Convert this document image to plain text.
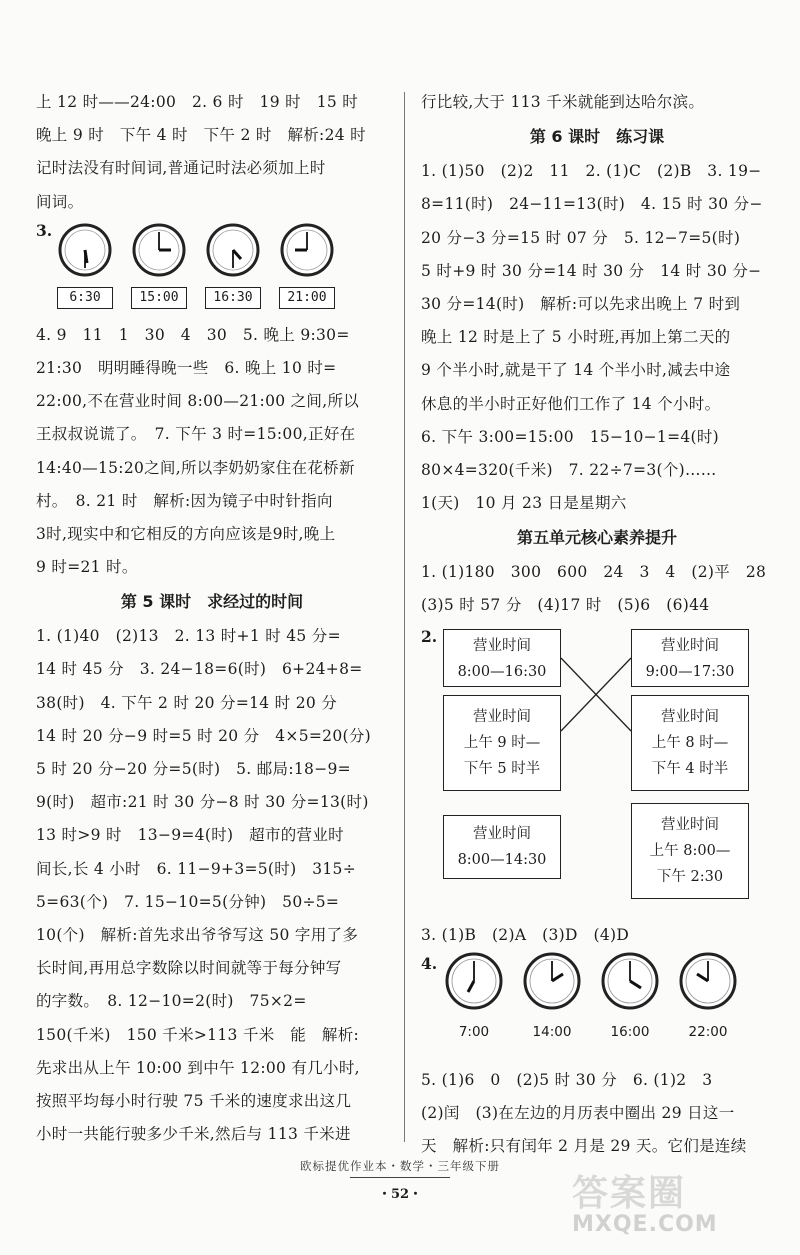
上 12 时——24:00　2. 6 时　19 时　15 时
晚上 9 时　下午 4 时　下午 2 时　解析:24 时
记时法没有时间词,普通记时法必须加上时
间词。
3.
6:30	15:00	16:30	21:00
4. 9　11　1　30　4　30　5. 晚上 9:30=
21:30　明明睡得晚一些　6. 晚上 10 时=
22:00,不在营业时间 8:00—21:00 之间,所以
王叔叔说谎了。　7. 下午 3 时=15:00,正好在
14:40—15:20之间,所以李奶奶家住在花桥新
村。　8. 21 时　解析:因为镜子中时针指向
3时,现实中和它相反的方向应该是9时,晚上
9 时=21 时。
第 5 课时　求经过的时间
1. (1)40　(2)13　2. 13 时+1 时 45 分=
14 时 45 分　3. 24−18=6(时)　6+24+8=
38(时)　4. 下午 2 时 20 分=14 时 20 分
14 时 20 分−9 时=5 时 20 分　4×5=20(分)
5 时 20 分−20 分=5(时)　5. 邮局:18−9=
9(时)　超市:21 时 30 分−8 时 30 分=13(时)
13 时>9 时　13−9=4(时)　超市的营业时
间长,长 4 小时　6. 11−9+3=5(时)　315÷
5=63(个)　7. 15−10=5(分钟)　50÷5=
10(个)　解析:首先求出爷爷写这 50 字用了多
长时间,再用总字数除以时间就等于每分钟写
的字数。　8. 12−10=2(时)　75×2=
150(千米)　150 千米>113 千米　能　解析:
先求出从上午 10:00 到中午 12:00 有几小时,
按照平均每小时行驶 75 千米的速度求出这几
小时一共能行驶多少千米,然后与 113 千米进
行比较,大于 113 千米就能到达哈尔滨。
第 6 课时　练习课
1. (1)50　(2)2　11　2. (1)C　(2)B　3. 19−
8=11(时)　24−11=13(时)　4. 15 时 30 分−
20 分−3 分=15 时 07 分　5. 12−7=5(时)
5 时+9 时 30 分=14 时 30 分　14 时 30 分−
30 分=14(时)　解析:可以先求出晚上 7 时到
晚上 12 时是上了 5 小时班,再加上第二天的
9 个半小时,就是干了 14 个半小时,减去中途
休息的半小时正好他们工作了 14 个小时。
6. 下午 3:00=15:00　15−10−1=4(时)
80×4=320(千米)　7. 22÷7=3(个)……
1(天)　10 月 23 日是星期六
第五单元核心素养提升
1. (1)180　300　600　24　3　4　(2)平　28
(3)5 时 57 分　(4)17 时　(5)6　(6)44
2.	营业时间
8:00—16:30
营业时间
上午 9 时—
下午 5 时半
营业时间
8:00—14:30
营业时间
9:00—17:30
营业时间
上午 8 时—
下午 4 时半
营业时间
上午 8:00—
下午 2:30
3. (1)B　(2)A　(3)D　(4)D
4.
7:00	14:00	16:00	22:00
5. (1)6　0　(2)5 时 30 分　6. (1)2　3
(2)闰　(3)在左边的月历表中圈出 29 日这一
天　解析:只有闰年 2 月是 29 天。它们是连续
欧标提优作业本・数学・三年级下册
・52・	答案圈
MXQE.COM
